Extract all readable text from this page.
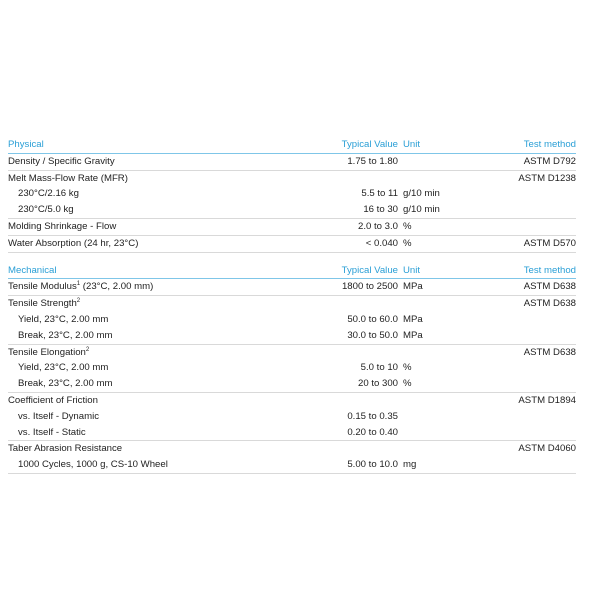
Physical	Typical Value Unit	Test method
Density / Specific Gravity	1.75 to 1.80	ASTM D792
Melt Mass-Flow Rate (MFR)	ASTM D1238
230°C/2.16 kg	5.5 to 11 g/10 min
230°C/5.0 kg	16 to 30 g/10 min
Molding Shrinkage - Flow	2.0 to 3.0 %
Water Absorption (24 hr, 23°C)	< 0.040 %	ASTM D570
Mechanical	Typical Value Unit	Test method
Tensile Modulus$^1$ (23°C, 2.00 mm)	1800 to 2500 MPa	ASTM D638
Tensile Strength$^2$	ASTM D638
Yield, 23°C, 2.00 mm	50.0 to 60.0 MPa
Break, 23°C, 2.00 mm	30.0 to 50.0 MPa
Tensile Elongation$^2$	ASTM D638
Yield, 23°C, 2.00 mm	5.0 to 10 %
Break, 23°C, 2.00 mm	20 to 300 %
Coefficient of Friction	ASTM D1894
vs. Itself - Dynamic	0.15 to 0.35
vs. Itself - Static	0.20 to 0.40
Taber Abrasion Resistance	ASTM D4060
1000 Cycles, 1000 g, CS-10 Wheel	5.00 to 10.0 mg
